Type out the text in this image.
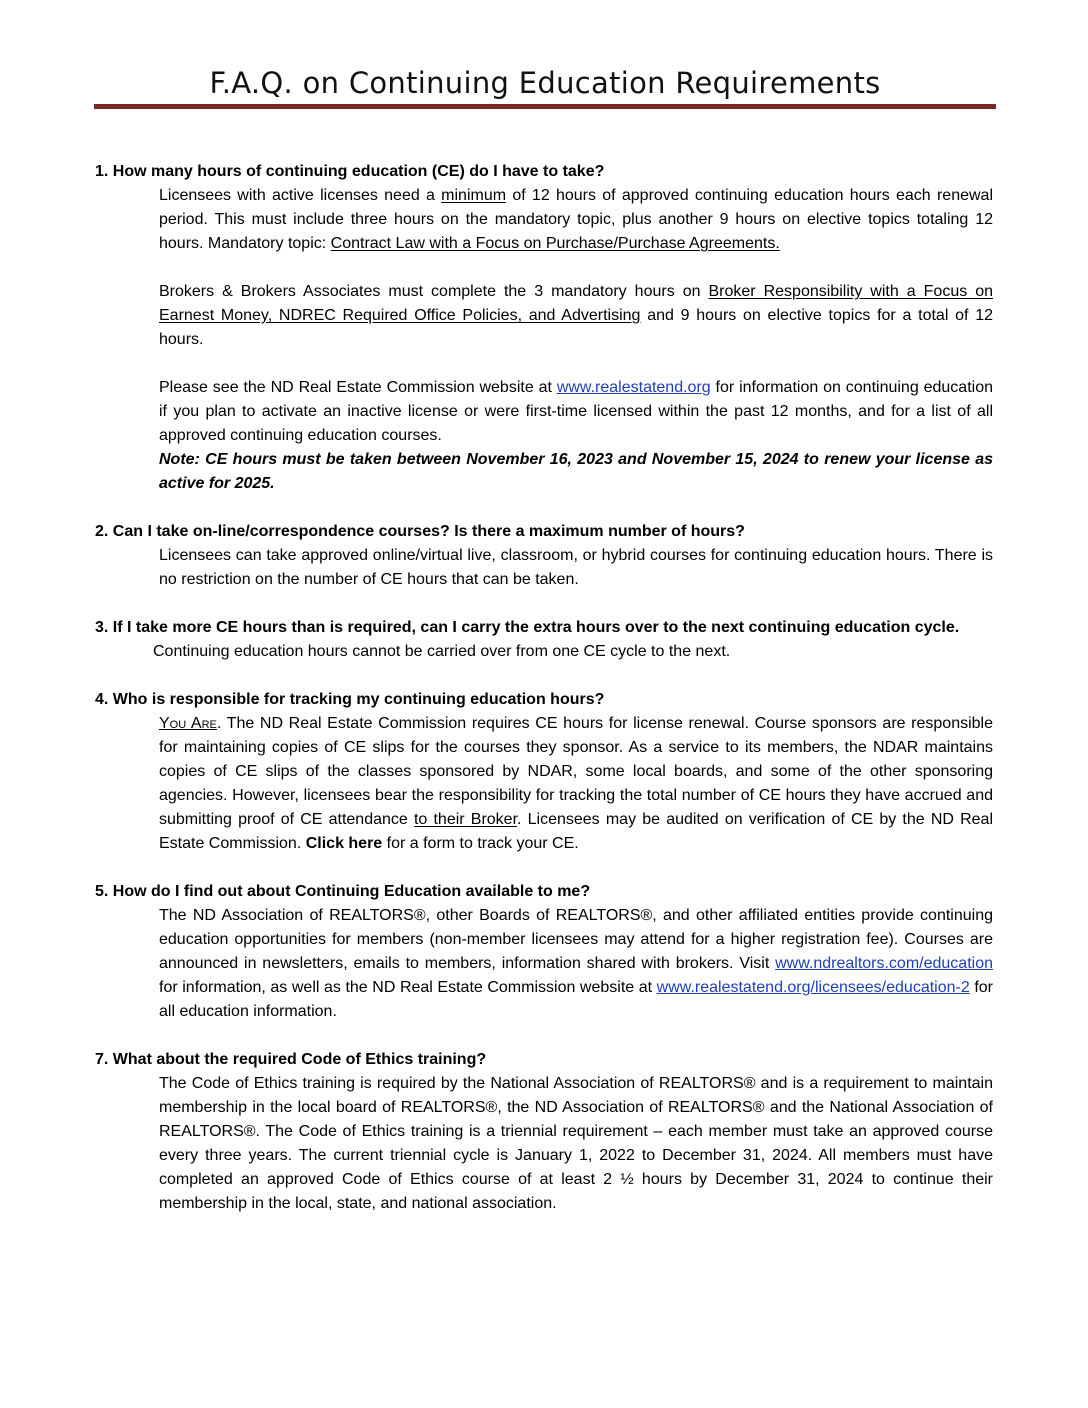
F.A.Q. on Continuing Education Requirements

1. How many hours of continuing education (CE) do I have to take?

Licensees with active licenses need a minimum of 12 hours of approved continuing education hours each renewal period. This must include three hours on the mandatory topic, plus another 9 hours on elective topics totaling 12 hours. Mandatory topic: Contract Law with a Focus on Purchase/Purchase Agreements.

Brokers & Brokers Associates must complete the 3 mandatory hours on Broker Responsibility with a Focus on Earnest Money, NDREC Required Office Policies, and Advertising and 9 hours on elective topics for a total of 12 hours.

Please see the ND Real Estate Commission website at www.realestatend.org for information on continuing education if you plan to activate an inactive license or were first-time licensed within the past 12 months, and for a list of all approved continuing education courses.

Note: CE hours must be taken between November 16, 2023 and November 15, 2024 to renew your license as active for 2025.

2. Can I take on-line/correspondence courses? Is there a maximum number of hours?

Licensees can take approved online/virtual live, classroom, or hybrid courses for continuing education hours. There is no restriction on the number of CE hours that can be taken.

3. If I take more CE hours than is required, can I carry the extra hours over to the next continuing education cycle.

Continuing education hours cannot be carried over from one CE cycle to the next.

4. Who is responsible for tracking my continuing education hours?

You Are. The ND Real Estate Commission requires CE hours for license renewal. Course sponsors are responsible for maintaining copies of CE slips for the courses they sponsor. As a service to its members, the NDAR maintains copies of CE slips of the classes sponsored by NDAR, some local boards, and some of the other sponsoring agencies. However, licensees bear the responsibility for tracking the total number of CE hours they have accrued and submitting proof of CE attendance to their Broker. Licensees may be audited on verification of CE by the ND Real Estate Commission. Click here for a form to track your CE.

5. How do I find out about Continuing Education available to me?

The ND Association of REALTORS®, other Boards of REALTORS®, and other affiliated entities provide continuing education opportunities for members (non-member licensees may attend for a higher registration fee). Courses are announced in newsletters, emails to members, information shared with brokers. Visit www.ndrealtors.com/education for information, as well as the ND Real Estate Commission website at www.realestatend.org/licensees/education-2 for all education information.

7. What about the required Code of Ethics training?

The Code of Ethics training is required by the National Association of REALTORS® and is a requirement to maintain membership in the local board of REALTORS®, the ND Association of REALTORS® and the National Association of REALTORS®. The Code of Ethics training is a triennial requirement – each member must take an approved course every three years. The current triennial cycle is January 1, 2022 to December 31, 2024. All members must have completed an approved Code of Ethics course of at least 2 ½ hours by December 31, 2024 to continue their membership in the local, state, and national association.
